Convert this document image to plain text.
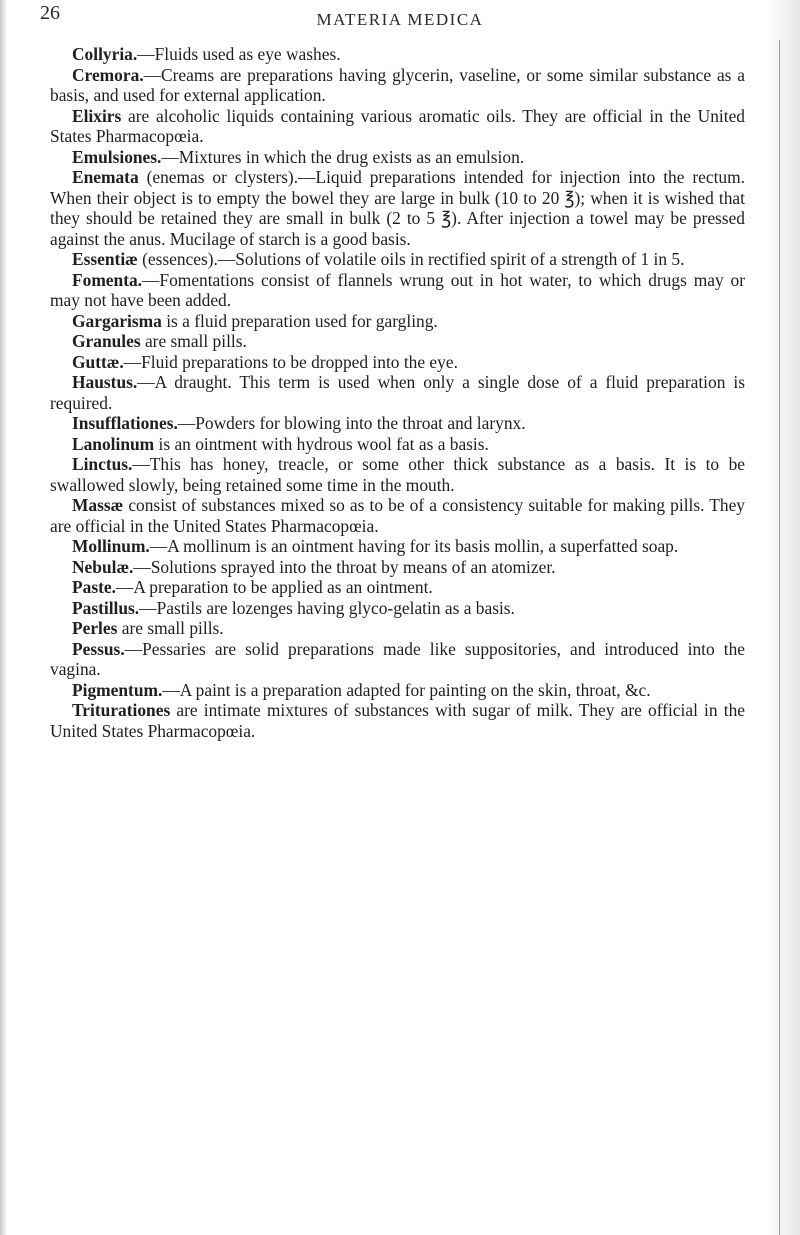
26	MATERIA MEDICA

Collyria.—Fluids used as eye washes.

Cremora.—Creams are preparations having glycerin, vaseline, or some similar substance as a basis, and used for external application.

Elixirs are alcoholic liquids containing various aromatic oils. They are official in the United States Pharmacopœia.

Emulsiones.—Mixtures in which the drug exists as an emulsion.

Enemata (enemas or clysters).—Liquid preparations intended for injection into the rectum. When their object is to empty the bowel they are large in bulk (10 to 20 ℥); when it is wished that they should be retained they are small in bulk (2 to 5 ℥). After injection a towel may be pressed against the anus. Mucilage of starch is a good basis.

Essentiæ (essences).—Solutions of volatile oils in rectified spirit of a strength of 1 in 5.

Fomenta.—Fomentations consist of flannels wrung out in hot water, to which drugs may or may not have been added.

Gargarisma is a fluid preparation used for gargling.

Granules are small pills.

Guttæ.—Fluid preparations to be dropped into the eye.

Haustus.—A draught. This term is used when only a single dose of a fluid preparation is required.

Insufflationes.—Powders for blowing into the throat and larynx.

Lanolinum is an ointment with hydrous wool fat as a basis.

Linctus.—This has honey, treacle, or some other thick substance as a basis. It is to be swallowed slowly, being retained some time in the mouth.

Massæ consist of substances mixed so as to be of a consistency suitable for making pills. They are official in the United States Pharmacopœia.

Mollinum.—A mollinum is an ointment having for its basis mollin, a superfatted soap.

Nebulæ.—Solutions sprayed into the throat by means of an atomizer.

Paste.—A preparation to be applied as an ointment.

Pastillus.—Pastils are lozenges having glyco-gelatin as a basis.

Perles are small pills.

Pessus.—Pessaries are solid preparations made like suppositories, and introduced into the vagina.

Pigmentum.—A paint is a preparation adapted for painting on the skin, throat, &c.

Triturationes are intimate mixtures of substances with sugar of milk. They are official in the United States Pharmacopœia.
